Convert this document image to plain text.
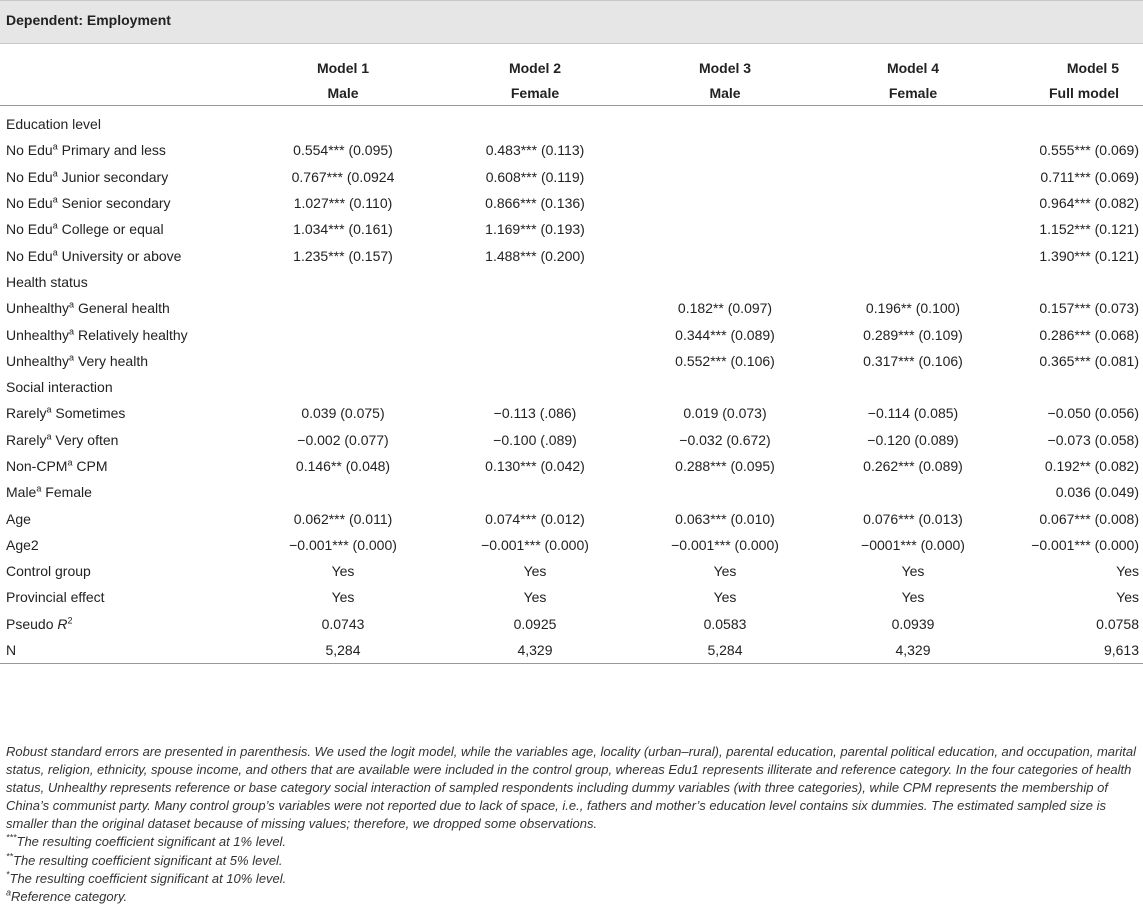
Dependent: Employment

	Model 1	Model 2	Model 3	Model 4	Model 5
	Male	Female	Male	Female	Full model

Education level					
No Edu$^a$ Primary and less	0.554*** (0.095)	0.483*** (0.113)			0.555*** (0.069)
No Edu$^a$ Junior secondary	0.767*** (0.0924	0.608*** (0.119)			0.711*** (0.069)
No Edu$^a$ Senior secondary	1.027*** (0.110)	0.866*** (0.136)			0.964*** (0.082)
No Edu$^a$ College or equal	1.034*** (0.161)	1.169*** (0.193)			1.152*** (0.121)
No Edu$^a$ University or above	1.235*** (0.157)	1.488*** (0.200)			1.390*** (0.121)
Health status					
Unhealthy$^a$ General health			0.182** (0.097)	0.196** (0.100)	0.157*** (0.073)
Unhealthy$^a$ Relatively healthy			0.344*** (0.089)	0.289*** (0.109)	0.286*** (0.068)
Unhealthy$^a$ Very health			0.552*** (0.106)	0.317*** (0.106)	0.365*** (0.081)
Social interaction					
Rarely$^a$ Sometimes	0.039 (0.075)	−0.113 (.086)	0.019 (0.073)	−0.114 (0.085)	−0.050 (0.056)
Rarely$^a$ Very often	−0.002 (0.077)	−0.100 (.089)	−0.032 (0.672)	−0.120 (0.089)	−0.073 (0.058)
Non-CPM$^a$ CPM	0.146** (0.048)	0.130*** (0.042)	0.288*** (0.095)	0.262*** (0.089)	0.192** (0.082)
Male$^a$ Female					0.036 (0.049)
Age	0.062*** (0.011)	0.074*** (0.012)	0.063*** (0.010)	0.076*** (0.013)	0.067*** (0.008)
Age2	−0.001*** (0.000)	−0.001*** (0.000)	−0.001*** (0.000)	−0001*** (0.000)	−0.001*** (0.000)
Control group	Yes	Yes	Yes	Yes	Yes
Provincial effect	Yes	Yes	Yes	Yes	Yes
Pseudo $R^2$	0.0743	0.0925	0.0583	0.0939	0.0758
N	5,284	4,329	5,284	4,329	9,613

Robust standard errors are presented in parenthesis. We used the logit model, while the variables age, locality (urban–rural), parental education, parental political education, and occupation, marital status, religion, ethnicity, spouse income, and others that are available were included in the control group, whereas Edu1 represents illiterate and reference category. In the four categories of health status, Unhealthy represents reference or base category social interaction of sampled respondents including dummy variables (with three categories), while CPM represents the membership of China’s communist party. Many control group’s variables were not reported due to lack of space, i.e., fathers and mother’s education level contains six dummies. The estimated sampled size is smaller than the original dataset because of missing values; therefore, we dropped some observations.

***The resulting coefficient significant at 1% level.

**The resulting coefficient significant at 5% level.

*The resulting coefficient significant at 10% level.

$^a$Reference category.
